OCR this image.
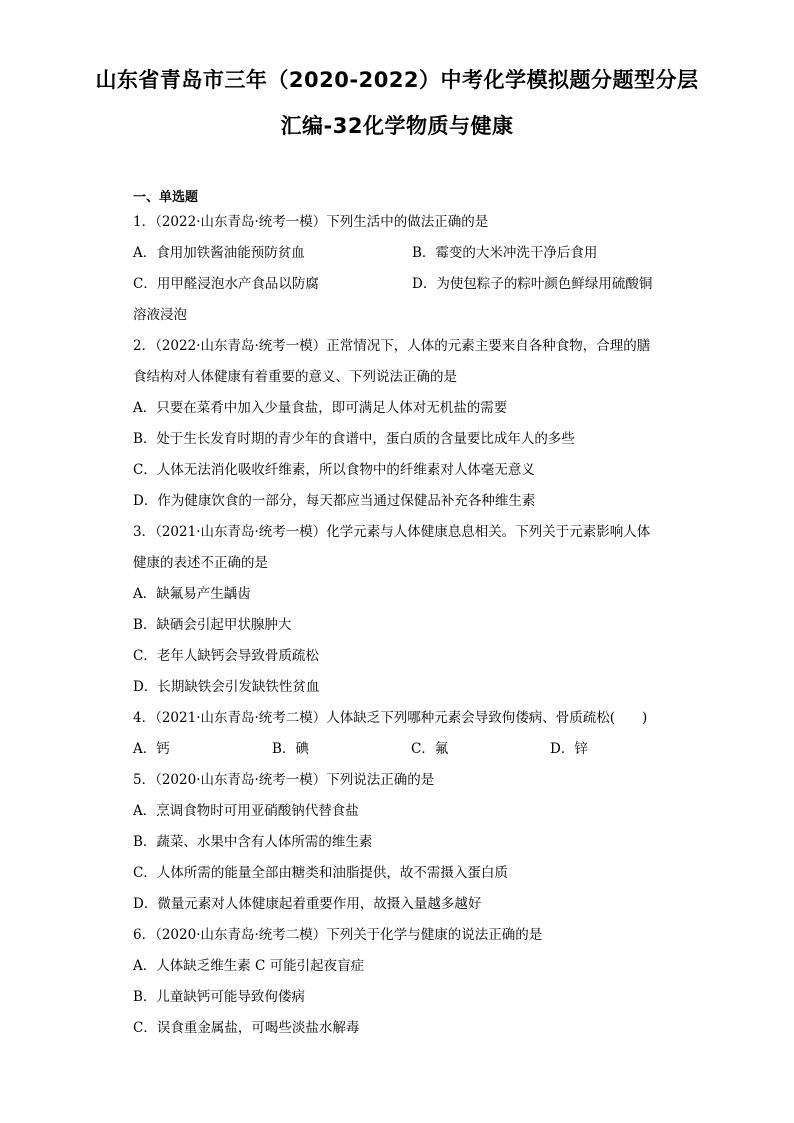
山东省青岛市三年（2020-2022）中考化学模拟题分题型分层
汇编-32化学物质与健康
一、单选题
1．（2022·山东青岛·统考一模）下列生活中的做法正确的是
A．食用加铁酱油能预防贫血	B．霉变的大米冲洗干净后食用
C．用甲醛浸泡水产食品以防腐	D．为使包粽子的粽叶颜色鲜绿用硫酸铜
溶液浸泡
2．（2022·山东青岛·统考一模）正常情况下，人体的元素主要来自各种食物，合理的膳
食结构对人体健康有着重要的意义、下列说法正确的是
A．只要在菜肴中加入少量食盐，即可满足人体对无机盐的需要
B．处于生长发育时期的青少年的食谱中，蛋白质的含量要比成年人的多些
C．人体无法消化吸收纤维素，所以食物中的纤维素对人体毫无意义
D．作为健康饮食的一部分，每天都应当通过保健品补充各种维生素
3．（2021·山东青岛·统考一模）化学元素与人体健康息息相关。下列关于元素影响人体
健康的表述不正确的是
A．缺氟易产生龋齿
B．缺硒会引起甲状腺肿大
C．老年人缺钙会导致骨质疏松
D．长期缺铁会引发缺铁性贫血
4．（2021·山东青岛·统考二模）人体缺乏下列哪种元素会导致佝偻病、骨质疏松(　　)
A．钙	B．碘	C．氟	D．锌
5．（2020·山东青岛·统考一模）下列说法正确的是
A．烹调食物时可用亚硝酸钠代替食盐
B．蔬菜、水果中含有人体所需的维生素
C．人体所需的能量全部由糖类和油脂提供，故不需摄入蛋白质
D．微量元素对人体健康起着重要作用，故摄入量越多越好
6．（2020·山东青岛·统考二模）下列关于化学与健康的说法正确的是
A．人体缺乏维生素 C 可能引起夜盲症
B．儿童缺钙可能导致佝偻病
C．误食重金属盐，可喝些淡盐水解毒
